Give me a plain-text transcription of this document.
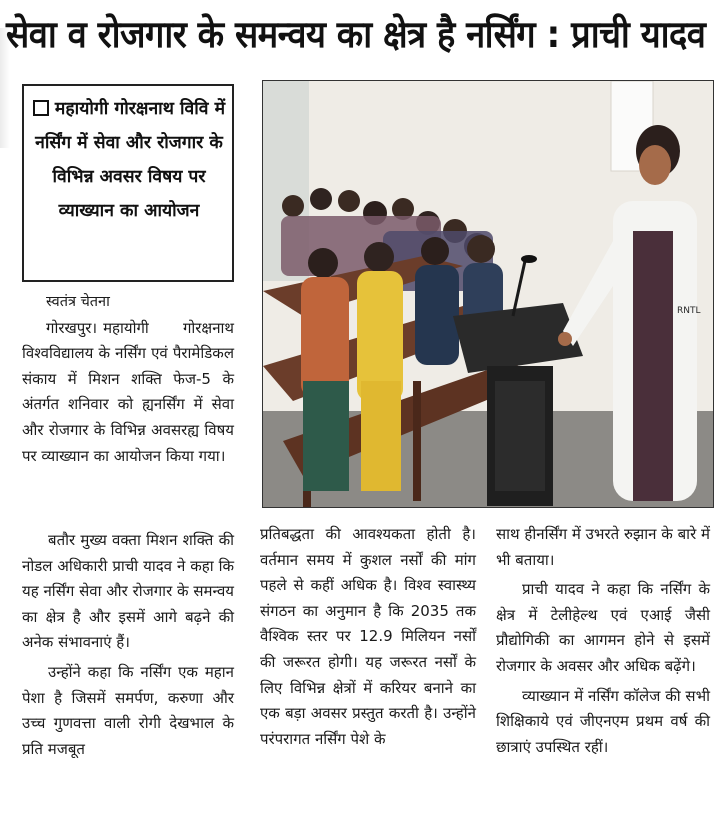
सेवा व रोजगार के समन्वय का क्षेत्र है नर्सिंग : प्राची यादव

महायोगी गोरक्षनाथ विवि में नर्सिंग में सेवा और रोजगार के विभिन्न अवसर विषय पर व्याख्यान का आयोजन

RNTL

स्वतंत्र चेतना

गोरखपुर। महायोगी गोरक्षनाथ विश्वविद्यालय के नर्सिंग एवं पैरामेडिकल संकाय में मिशन शक्ति फेज-5 के अंतर्गत शनिवार को ह्यनर्सिंग में सेवा और रोजगार के विभिन्न अवसरह्य विषय पर व्याख्यान का आयोजन किया गया।

बतौर मुख्य वक्ता मिशन शक्ति की नोडल अधिकारी प्राची यादव ने कहा कि यह नर्सिंग सेवा और रोजगार के समन्वय का क्षेत्र है और इसमें आगे बढ़ने की अनेक संभावनाएं हैं।

उन्होंने कहा कि नर्सिंग एक महान पेशा है जिसमें समर्पण, करुणा और उच्च गुणवत्ता वाली रोगी देखभाल के प्रति मजबूत

प्रतिबद्धता की आवश्यकता होती है। वर्तमान समय में कुशल नर्सों की मांग पहले से कहीं अधिक है। विश्व स्वास्थ्य संगठन का अनुमान है कि 2035 तक वैश्विक स्तर पर 12.9 मिलियन नर्सों की जरूरत होगी। यह जरूरत नर्सों के लिए विभिन्न क्षेत्रों में करियर बनाने का एक बड़ा अवसर प्रस्तुत करती है। उन्होंने परंपरागत नर्सिंग पेशे के

साथ हीनर्सिंग में उभरते रुझान के बारे में भी बताया।

प्राची यादव ने कहा कि नर्सिंग के क्षेत्र में टेलीहेल्थ एवं एआई जैसी प्रौद्योगिकी का आगमन होने से इसमें रोजगार के अवसर और अधिक बढ़ेंगे।

व्याख्यान में नर्सिंग कॉलेज की सभी शिक्षिकाये एवं जीएनएम प्रथम वर्ष की छात्राएं उपस्थित रहीं।
